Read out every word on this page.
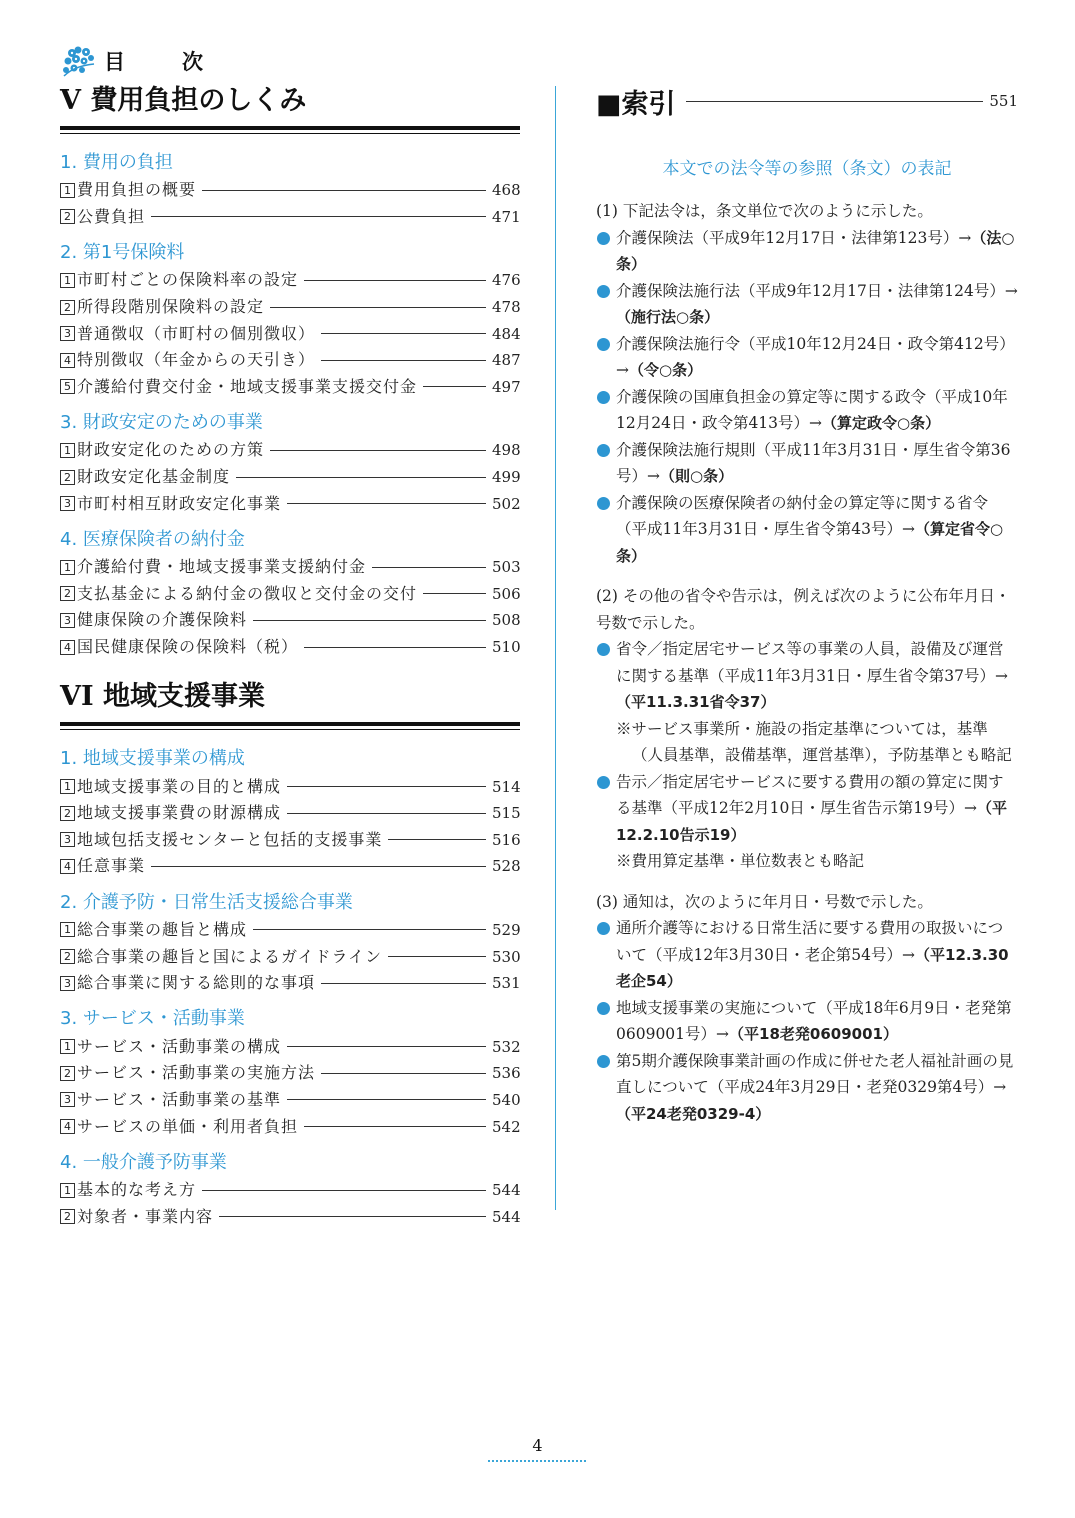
目　次
V 費用負担のしくみ
1. 費用の負担
1 費用負担の概要	468
2 公費負担	471
2. 第1号保険料
1 市町村ごとの保険料率の設定	476
2 所得段階別保険料の設定	478
3 普通徴収（市町村の個別徴収）	484
4 特別徴収（年金からの天引き）	487
5 介護給付費交付金・地域支援事業支援交付金	497
3. 財政安定のための事業
1 財政安定化のための方策	498
2 財政安定化基金制度	499
3 市町村相互財政安定化事業	502
4. 医療保険者の納付金
1 介護給付費・地域支援事業支援納付金	503
2 支払基金による納付金の徴収と交付金の交付	506
3 健康保険の介護保険料	508
4 国民健康保険の保険料（税）	510
VI 地域支援事業
1. 地域支援事業の構成
1 地域支援事業の目的と構成	514
2 地域支援事業費の財源構成	515
3 地域包括支援センターと包括的支援事業	516
4 任意事業	528
2. 介護予防・日常生活支援総合事業
1 総合事業の趣旨と構成	529
2 総合事業の趣旨と国によるガイドライン	530
3 総合事業に関する総則的な事項	531
3. サービス・活動事業
1 サービス・活動事業の構成	532
2 サービス・活動事業の実施方法	536
3 サービス・活動事業の基準	540
4 サービスの単価・利用者負担	542
4. 一般介護予防事業
1 基本的な考え方	544
2 対象者・事業内容	544
■索引	551
本文での法令等の参照（条文）の表記
(1) 下記法令は，条文単位で次のように示した。
介護保険法（平成9年12月17日・法律第123号）→（法○条）
介護保険法施行法（平成9年12月17日・法律第124号）→（施行法○条）
介護保険法施行令（平成10年12月24日・政令第412号）→（令○条）
介護保険の国庫負担金の算定等に関する政令（平成10年12月24日・政令第413号）→（算定政令○条）
介護保険法施行規則（平成11年3月31日・厚生省令第36号）→（則○条）
介護保険の医療保険者の納付金の算定等に関する省令（平成11年3月31日・厚生省令第43号）→（算定省令○条）
(2) その他の省令や告示は，例えば次のように公布年月日・号数で示した。
省令／指定居宅サービス等の事業の人員，設備及び運営に関する基準（平成11年3月31日・厚生省令第37号）→（平11.3.31省令37）
※サービス事業所・施設の指定基準については，基準（人員基準，設備基準，運営基準），予防基準とも略記
告示／指定居宅サービスに要する費用の額の算定に関する基準（平成12年2月10日・厚生省告示第19号）→（平12.2.10告示19）
※費用算定基準・単位数表とも略記
(3) 通知は，次のように年月日・号数で示した。
通所介護等における日常生活に要する費用の取扱いについて（平成12年3月30日・老企第54号）→（平12.3.30老企54）
地域支援事業の実施について（平成18年6月9日・老発第0609001号）→（平18老発0609001）
第5期介護保険事業計画の作成に併せた老人福祉計画の見直しについて（平成24年3月29日・老発0329第4号）→（平24老発0329-4）
4
